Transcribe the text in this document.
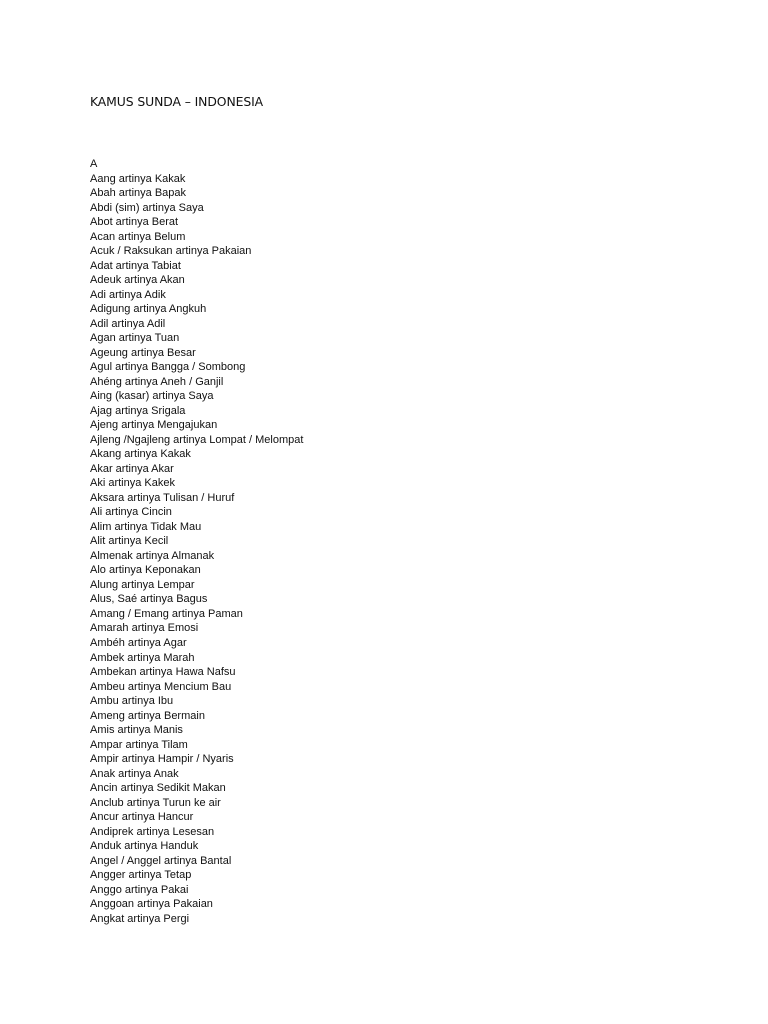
KAMUS SUNDA – INDONESIA
A
Aang artinya Kakak
Abah artinya Bapak
Abdi (sim) artinya Saya
Abot artinya Berat
Acan artinya Belum
Acuk / Raksukan artinya Pakaian
Adat artinya Tabiat
Adeuk artinya Akan
Adi artinya Adik
Adigung artinya Angkuh
Adil artinya Adil
Agan artinya Tuan
Ageung artinya Besar
Agul artinya Bangga / Sombong
Ahéng artinya Aneh / Ganjil
Aing (kasar) artinya Saya
Ajag artinya Srigala
Ajeng artinya Mengajukan
Ajleng /Ngajleng artinya Lompat / Melompat
Akang artinya Kakak
Akar artinya Akar
Aki artinya Kakek
Aksara artinya Tulisan / Huruf
Ali artinya Cincin
Alim artinya Tidak Mau
Alit artinya Kecil
Almenak artinya Almanak
Alo artinya Keponakan
Alung artinya Lempar
Alus, Saé artinya Bagus
Amang / Emang artinya Paman
Amarah artinya Emosi
Ambéh artinya Agar
Ambek artinya Marah
Ambekan artinya Hawa Nafsu
Ambeu artinya Mencium Bau
Ambu artinya Ibu
Ameng artinya Bermain
Amis artinya Manis
Ampar artinya Tilam
Ampir artinya Hampir / Nyaris
Anak artinya Anak
Ancin artinya Sedikit Makan
Anclub artinya Turun ke air
Ancur artinya Hancur
Andiprek artinya Lesesan
Anduk artinya Handuk
Angel / Anggel artinya Bantal
Angger artinya Tetap
Anggo artinya Pakai
Anggoan artinya Pakaian
Angkat artinya Pergi
